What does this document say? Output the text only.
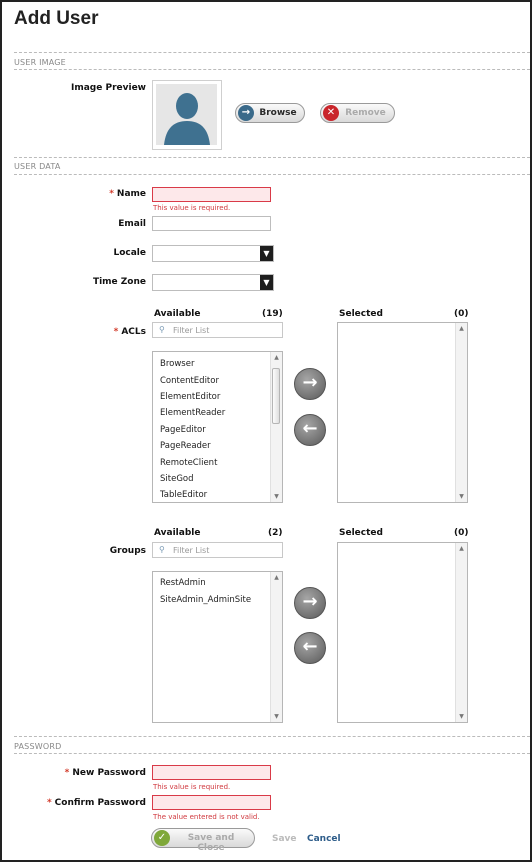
Add User
USER IMAGE
Image Preview
→	Browse	✕	Remove
USER DATA
* Name
This value is required.
Email
Locale	▼
Time Zone	▼
Available	(19)	Selected	(0)
* ACLs ⚲ Filter List
Browser
ContentEditor
ElementEditor
ElementReader
PageEditor
PageReader
RemoteClient
SiteGod
TableEditor
▲
▼
→
←
▲
▼
Available	(2)	Selected	(0)
Groups ⚲ Filter List
RestAdmin
SiteAdmin_AdminSite
▲
▼
→
←
▲
▼
PASSWORD
* New Password
This value is required.
* Confirm Password
The value entered is not valid.
✓	Save and Close
Save Cancel
